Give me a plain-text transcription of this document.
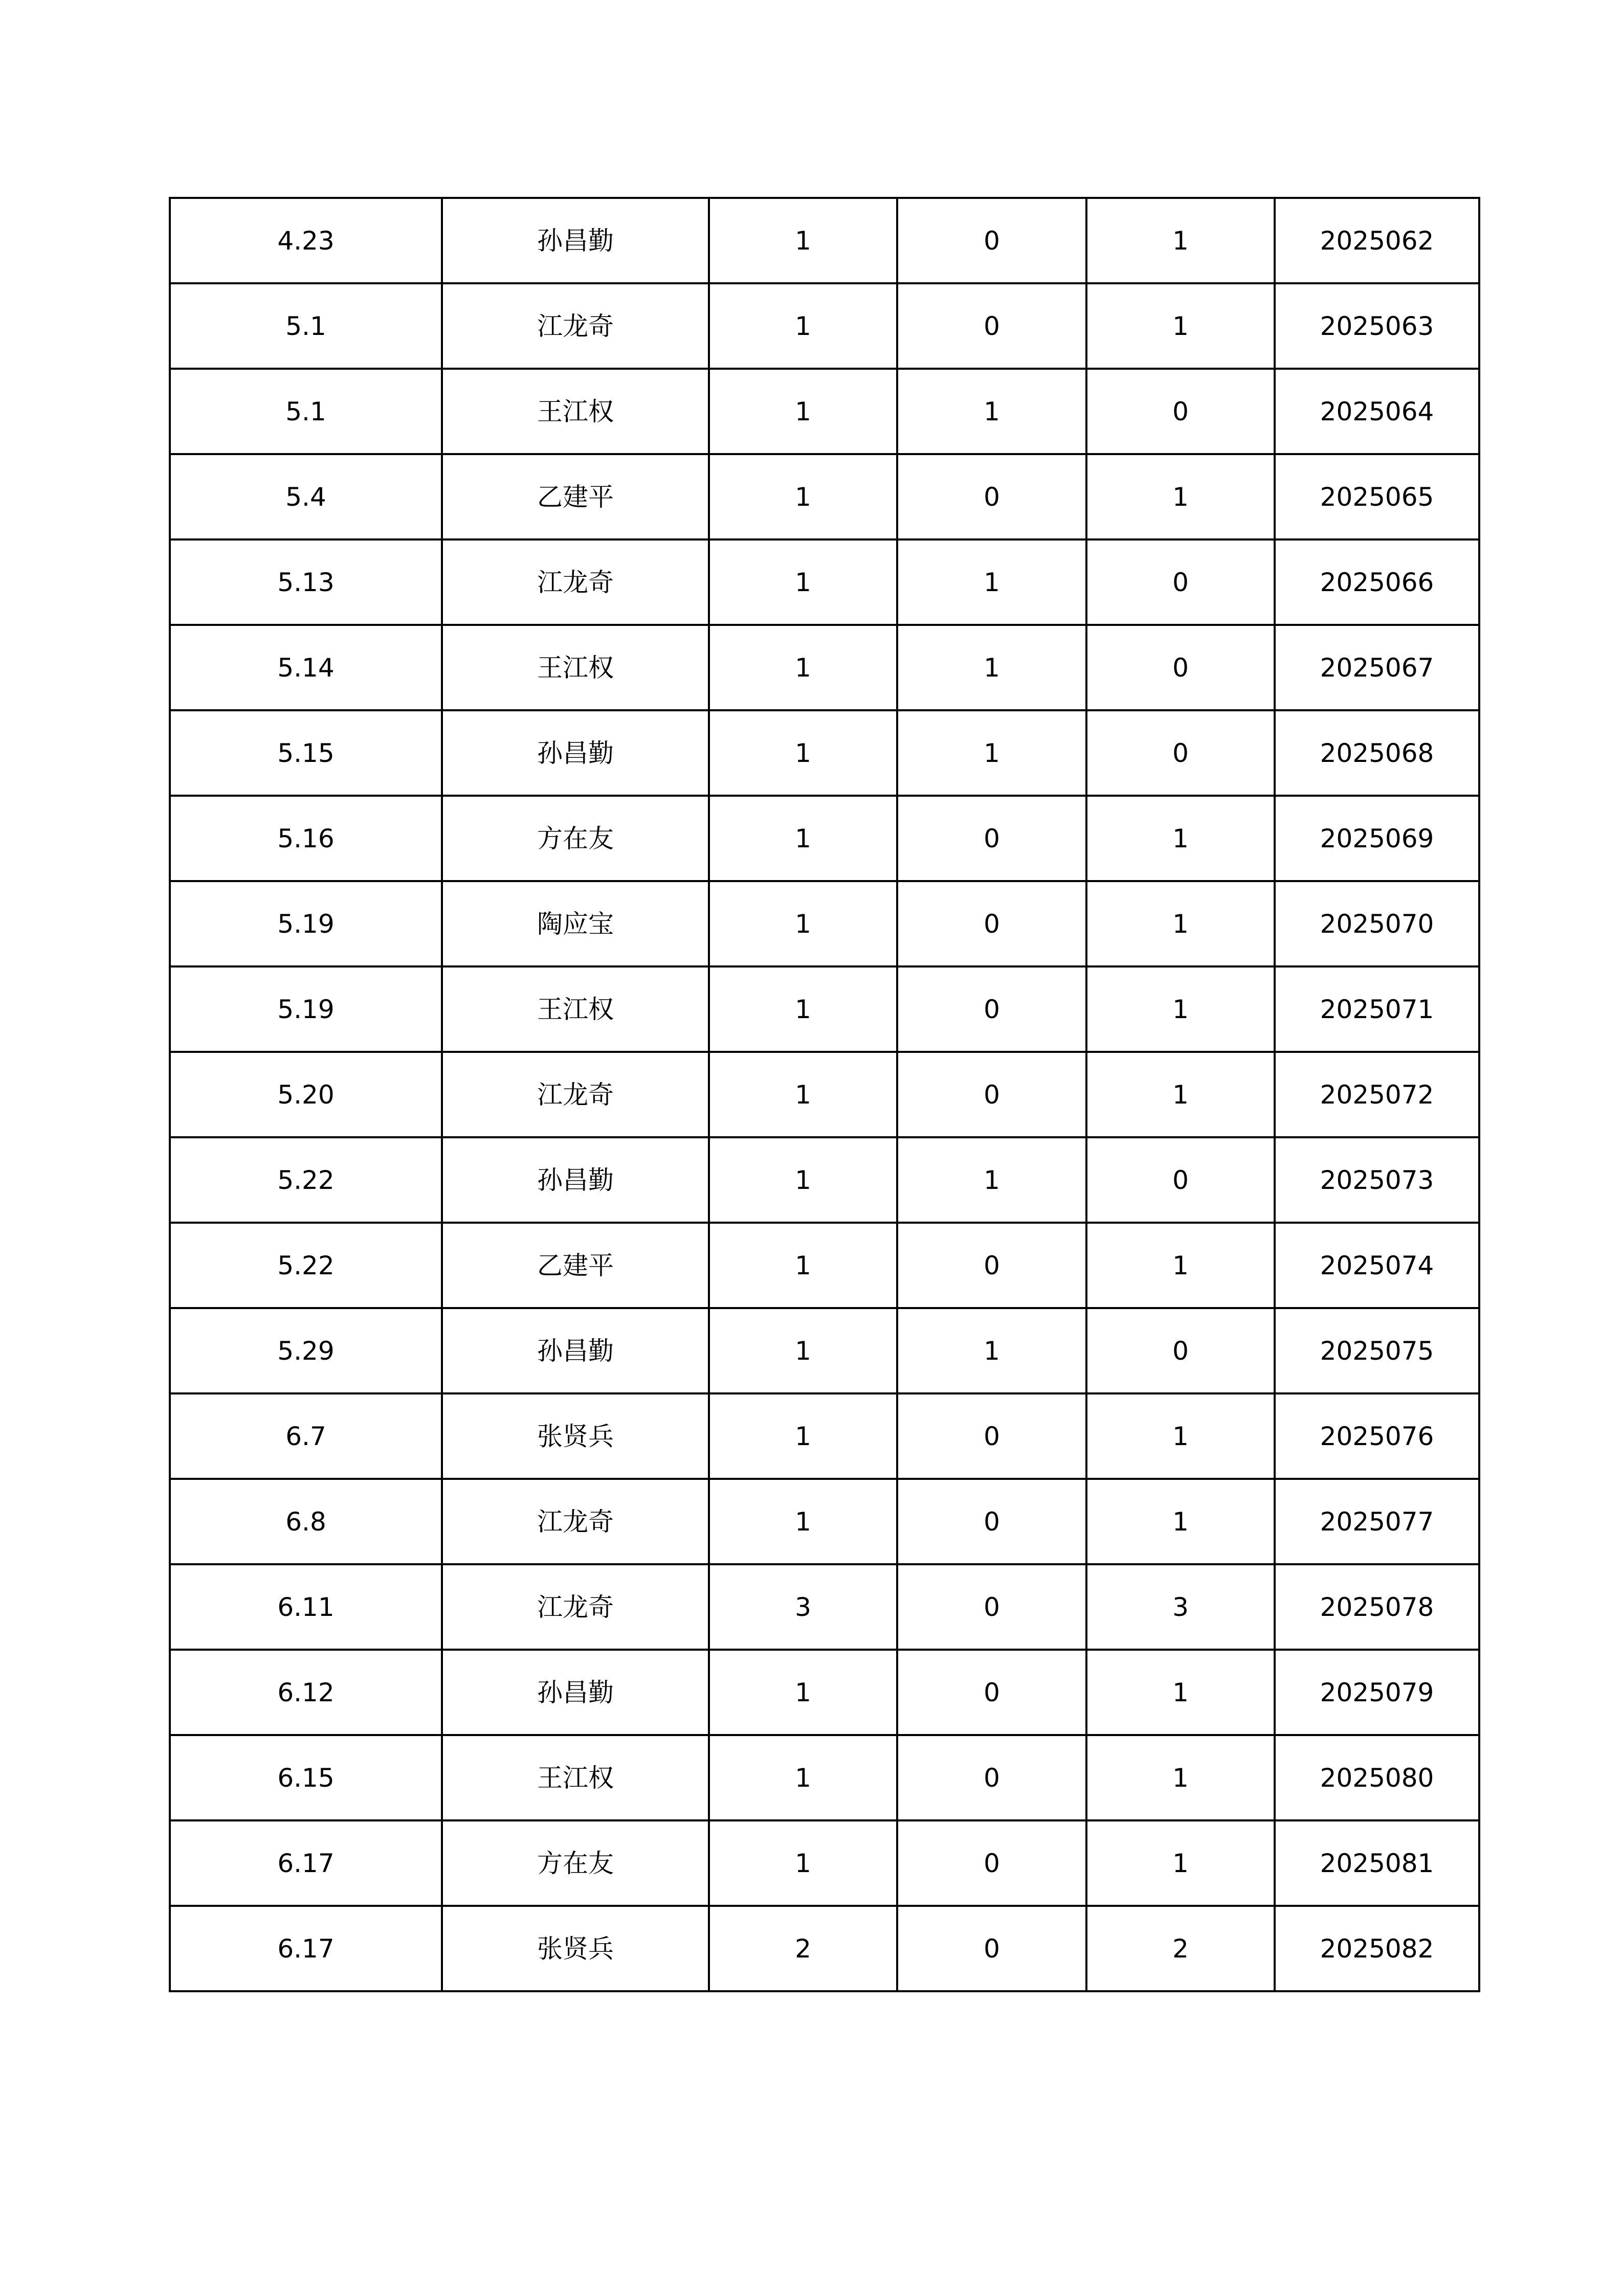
4.23	孙昌勤	1	0	1	2025062
5.1	江龙奇	1	0	1	2025063
5.1	王江权	1	1	0	2025064
5.4	乙建平	1	0	1	2025065
5.13	江龙奇	1	1	0	2025066
5.14	王江权	1	1	0	2025067
5.15	孙昌勤	1	1	0	2025068
5.16	方在友	1	0	1	2025069
5.19	陶应宝	1	0	1	2025070
5.19	王江权	1	0	1	2025071
5.20	江龙奇	1	0	1	2025072
5.22	孙昌勤	1	1	0	2025073
5.22	乙建平	1	0	1	2025074
5.29	孙昌勤	1	1	0	2025075
6.7	张贤兵	1	0	1	2025076
6.8	江龙奇	1	0	1	2025077
6.11	江龙奇	3	0	3	2025078
6.12	孙昌勤	1	0	1	2025079
6.15	王江权	1	0	1	2025080
6.17	方在友	1	0	1	2025081
6.17	张贤兵	2	0	2	2025082
